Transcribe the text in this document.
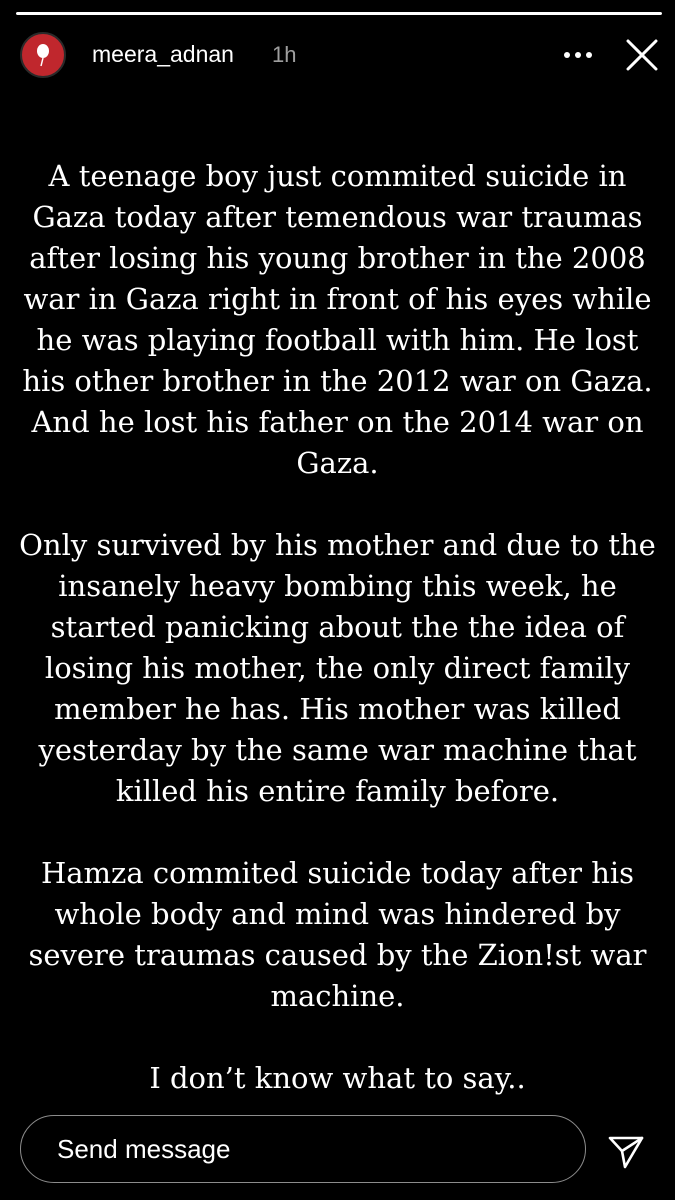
meera_adnan 1h

A teenage boy just commited suicide in
Gaza today after temendous war traumas
after losing his young brother in the 2008
war in Gaza right in front of his eyes while
he was playing football with him. He lost
his other brother in the 2012 war on Gaza.
And he lost his father on the 2014 war on
Gaza.

Only survived by his mother and due to the
insanely heavy bombing this week, he
started panicking about the the idea of
losing his mother, the only direct family
member he has. His mother was killed
yesterday by the same war machine that
killed his entire family before.

Hamza commited suicide today after his
whole body and mind was hindered by
severe traumas caused by the Zion!st war
machine.

I don’t know what to say..

Send message
